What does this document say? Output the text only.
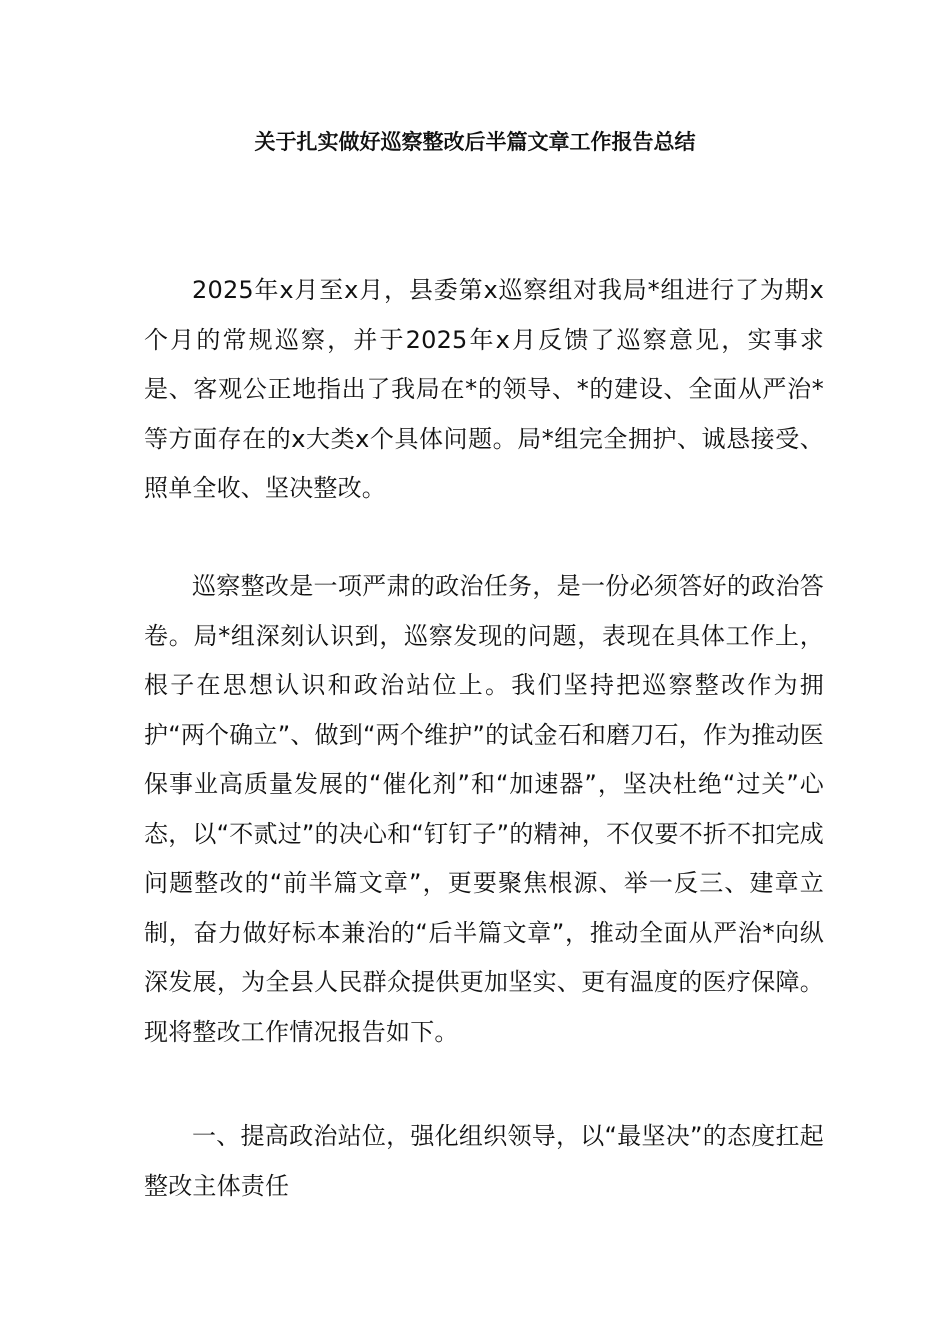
关于扎实做好巡察整改后半篇文章工作报告总结

2025年x月至x月，县委第x巡察组对我局*组进行了为期x个月的常规巡察，并于2025年x月反馈了巡察意见，实事求是、客观公正地指出了我局在*的领导、*的建设、全面从严治*等方面存在的x大类x个具体问题。局*组完全拥护、诚恳接受、照单全收、坚决整改。

巡察整改是一项严肃的政治任务，是一份必须答好的政治答卷。局*组深刻认识到，巡察发现的问题，表现在具体工作上，根子在思想认识和政治站位上。我们坚持把巡察整改作为拥护“两个确立”、做到“两个维护”的试金石和磨刀石，作为推动医保事业高质量发展的“催化剂”和“加速器”，坚决杜绝“过关”心态，以“不贰过”的决心和“钉钉子”的精神，不仅要不折不扣完成问题整改的“前半篇文章”，更要聚焦根源、举一反三、建章立制，奋力做好标本兼治的“后半篇文章”，推动全面从严治*向纵深发展，为全县人民群众提供更加坚实、更有温度的医疗保障。现将整改工作情况报告如下。

一、提高政治站位，强化组织领导，以“最坚决”的态度扛起整改主体责任
